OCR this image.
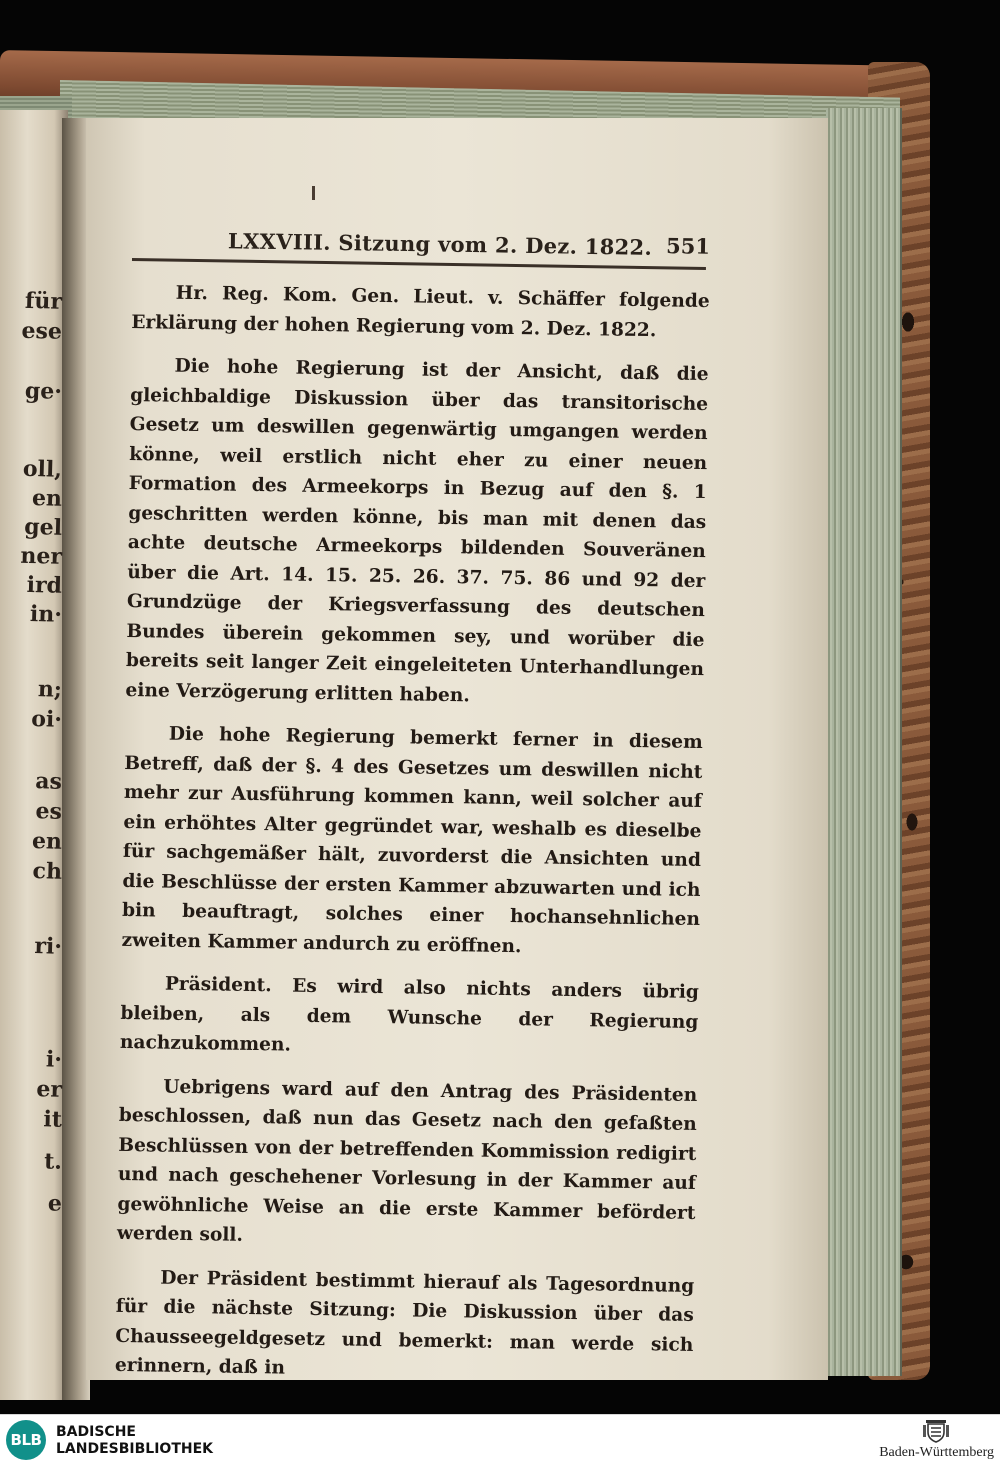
für
ese
ge·
oll,
en
gel
ner
ird
in·
n;
oi·
as
es
en
ch
ri·
i·
er
it
t.
e
LXXVIII. Sitzung vom 2. Dez. 1822. 551

Hr. Reg. Kom. Gen. Lieut. v. Schäffer folgende Erklärung der hohen Regierung vom 2. Dez. 1822.

Die hohe Regierung ist der Ansicht, daß die gleichbaldige Diskussion über das transitorische Gesetz um deswillen gegenwärtig umgangen werden könne, weil erstlich nicht eher zu einer neuen Formation des Armeekorps in Bezug auf den §. 1 geschritten werden könne, bis man mit denen das achte deutsche Armeekorps bildenden Souveränen über die Art. 14. 15. 25. 26. 37. 75. 86 und 92 der Grundzüge der Kriegsverfassung des deutschen Bundes überein gekommen sey, und worüber die bereits seit langer Zeit eingeleiteten Unterhandlungen eine Verzögerung erlitten haben.

Die hohe Regierung bemerkt ferner in diesem Betreff, daß der §. 4 des Gesetzes um deswillen nicht mehr zur Ausführung kommen kann, weil solcher auf ein erhöhtes Alter gegründet war, weshalb es dieselbe für sachgemäßer hält, zuvorderst die Ansichten und die Beschlüsse der ersten Kammer abzuwarten und ich bin beauftragt, solches einer hochansehnlichen zweiten Kammer andurch zu eröffnen.

Präsident. Es wird also nichts anders übrig bleiben, als dem Wunsche der Regierung nachzukommen.

Uebrigens ward auf den Antrag des Präsidenten beschlossen, daß nun das Gesetz nach den gefaßten Beschlüssen von der betreffenden Kommission redigirt und nach geschehener Vorlesung in der Kammer auf gewöhnliche Weise an die erste Kammer befördert werden soll.

Der Präsident bestimmt hierauf als Tagesordnung für die nächste Sitzung: Die Diskussion über das Chausseegeldgesetz und bemerkt: man werde sich erinnern, daß in

BLB	BADISCHE
LANDESBIBLIOTHEK	Baden-Württemberg
